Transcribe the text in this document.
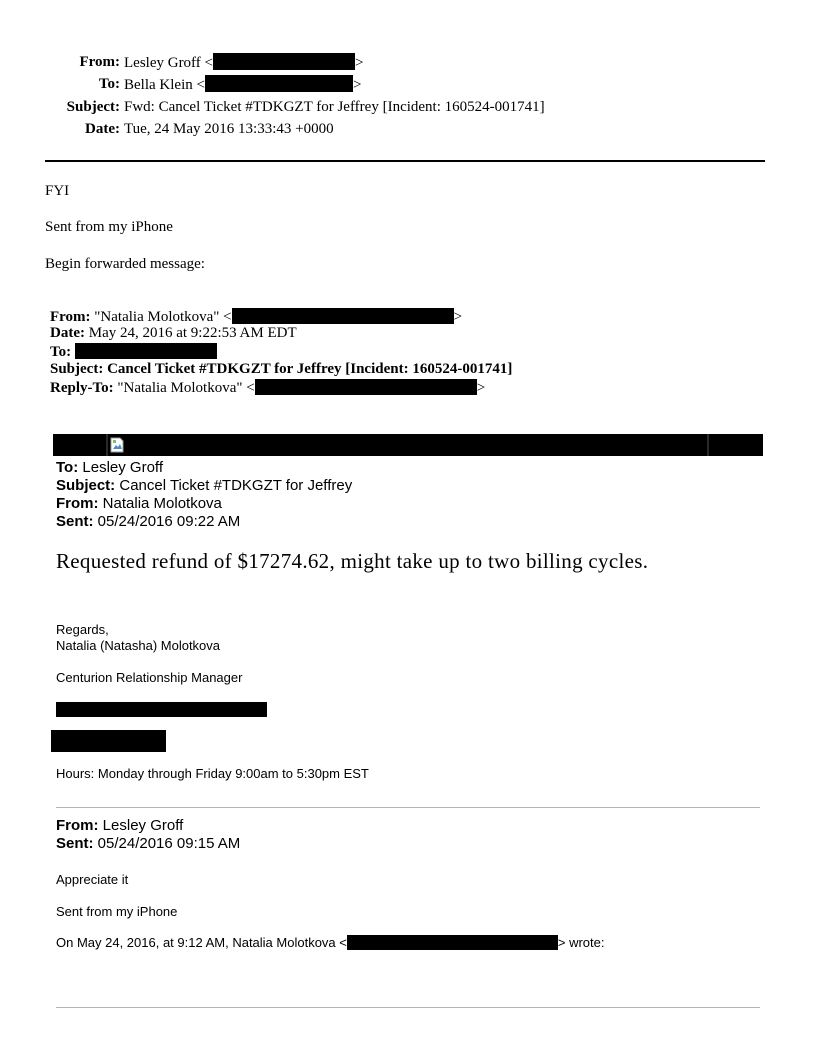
From: Lesley Groff <	>
To: Bella Klein <	>
Subject: Fwd: Cancel Ticket #TDKGZT for Jeffrey [Incident: 160524-001741]
Date: Tue, 24 May 2016 13:33:43 +0000
FYI
Sent from my iPhone
Begin forwarded message:
From: "Natalia Molotkova" <	>
Date: May 24, 2016 at 9:22:53 AM EDT
To:
Subject: Cancel Ticket #TDKGZT for Jeffrey [Incident: 160524-001741]
Reply-To: "Natalia Molotkova" <	>
To: Lesley Groff
Subject: Cancel Ticket #TDKGZT for Jeffrey
From: Natalia Molotkova
Sent: 05/24/2016 09:22 AM
Requested refund of $17274.62, might take up to two billing cycles.
Regards,
Natalia (Natasha) Molotkova
Centurion Relationship Manager
Hours: Monday through Friday 9:00am to 5:30pm EST
From: Lesley Groff
Sent: 05/24/2016 09:15 AM
Appreciate it
Sent from my iPhone
On May 24, 2016, at 9:12 AM, Natalia Molotkova <	> wrote:
